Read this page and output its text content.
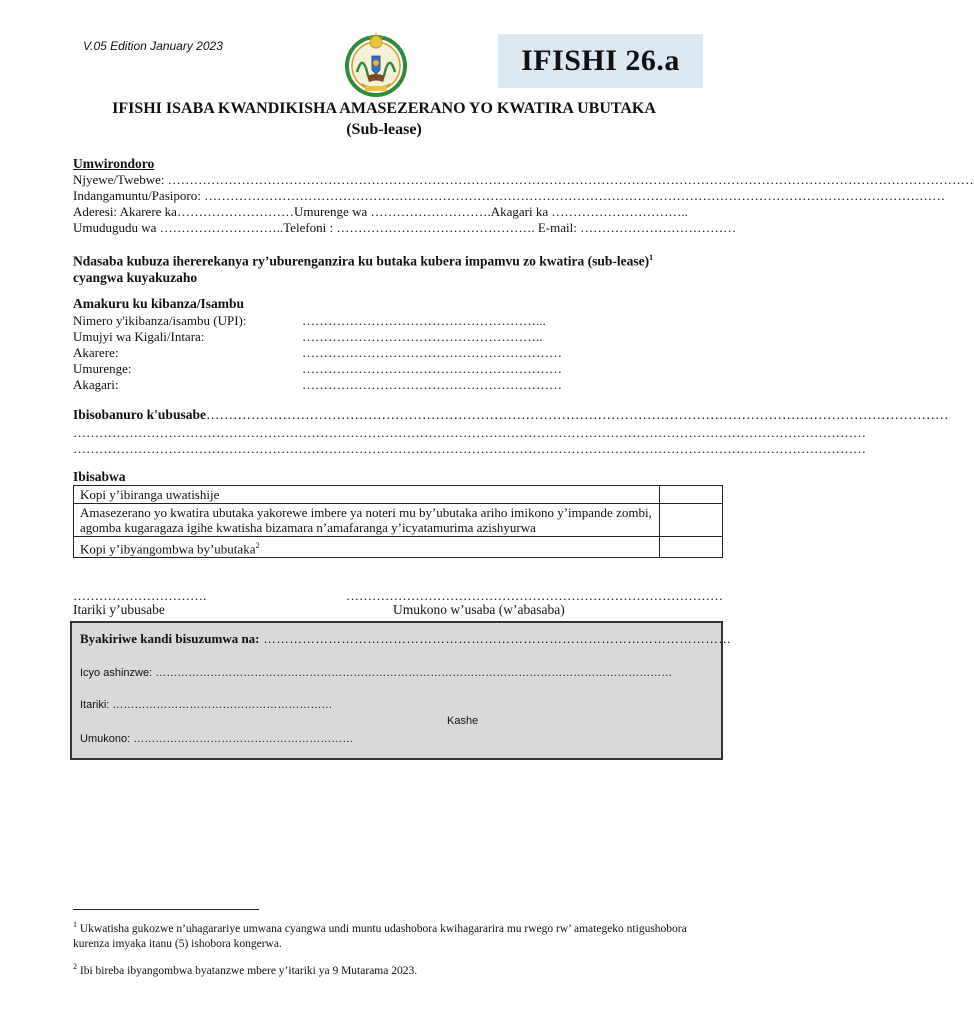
V.05 Edition January 2023	IFISHI 26.a
IFISHI ISABA KWANDIKISHA AMASEZERANO YO KWATIRA UBUTAKA
(Sub-lease)
Umwirondoro
Njyewe/Twebwe: ……………………………………………………………………………………………………………………………………………………………………
Indangamuntu/Pasiporo: ………………………………………………………………………………………………………………………………………………………
Aderesi: Akarere ka………………………Umurenge wa ……………………….Akagari ka …………………………..
Umudugudu wa ………………………..Telefoni : ………………………………………. E-mail: ………………………………
Ndasaba kubuza ihererekanya ry’uburenganzira ku butaka kubera impamvu zo kwatira (sub-lease)$^1$ cyangwa kuyakuzaho
Amakuru ku kibanza/Isambu
Nimero y'ikibanza/isambu (UPI):	………………………………………………...
Umujyi wa Kigali/Intara:	………………………………………………..
Akarere:	……………………………………………………
Umurenge:	……………………………………………………
Akagari:	……………………………………………………
Ibisobanuro k'ubusabe…………………………………………………………………………………………………………………………………………………
…………………………………………………………………………………………………………………………………………………………………
…………………………………………………………………………………………………………………………………………………………………
Ibisabwa
Kopi y’ibiranga uwatishije	
Amasezerano yo kwatira ubutaka yakorewe imbere ya noteri mu by’ubutaka ariho imikono y’impande zombi, agomba kugaragaza igihe kwatisha bizamara n’amafaranga y’icyatamurima azishyurwa	
Kopi y’ibyangombwa by’ubutaka$^2$	
………………………….	……………………………………………………………………………
Itariki y’ubusabe	Umukono w’usaba (w’abasaba)
Byakiriwe kandi bisuzumwa na: ………………………………………………………………………………………………
Icyo ashinzwe: ……………………………………………………………………………………………………………………………
Itariki: ……………………………………………………
Kashe
Umukono: ……………………………………………………
$^1$ Ukwatisha gukozwe n’uhagarariye umwana cyangwa undi muntu udashobora kwihagararira mu rwego rw’ amategeko ntigushobora kurenza imyaka itanu (5) ishobora kongerwa.
$^2$ Ibi bireba ibyangombwa byatanzwe mbere y’itariki ya 9 Mutarama 2023.
